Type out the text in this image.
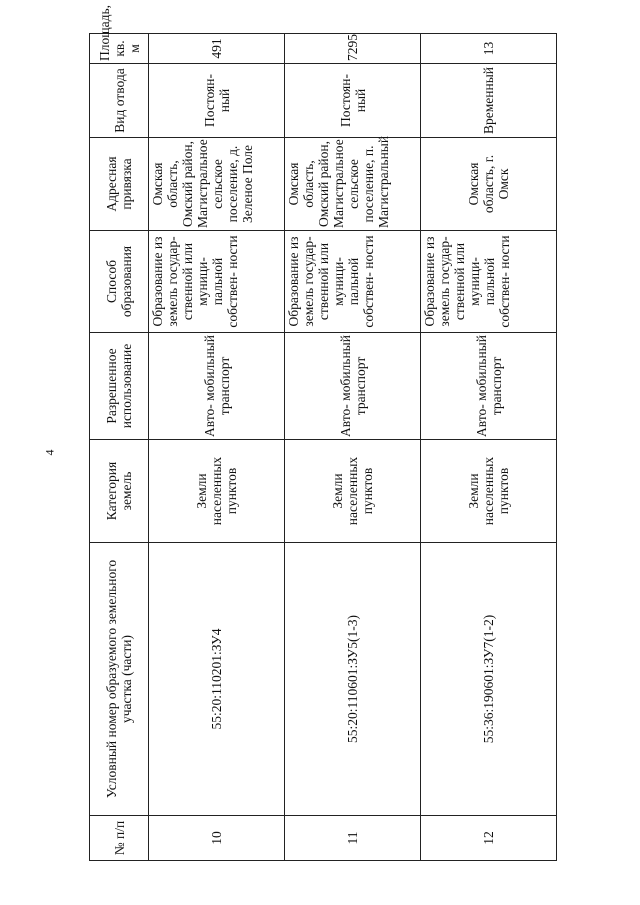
4
№ п/п	Условный номер образуемого земельного участка (части)	Категория земель	Разрешенное использование	Способ образования	Адресная привязка	Вид отвода	Площадь, кв. м
10	55:20:110201:ЗУ4	Земли населенных пунктов	Авто- мобильный транспорт	Образование из земель государ- ственной или муници- пальной собствен- ности	Омская область, Омский район, Магистральное сельское поселение, д. Зеленое Поле	Постоян- ный	491
11	55:20:110601:ЗУ5(1-3)	Земли населенных пунктов	Авто- мобильный транспорт	Образование из земель государ- ственной или муници- пальной собствен- ности	Омская область, Омский район, Магистральное сельское поселение, п. Магистральный	Постоян- ный	7295
12	55:36:190601:ЗУ7(1-2)	Земли населенных пунктов	Авто- мобильный транспорт	Образование из земель государ- ственной или муници- пальной собствен- ности	Омская область, г. Омск	Временный	13
